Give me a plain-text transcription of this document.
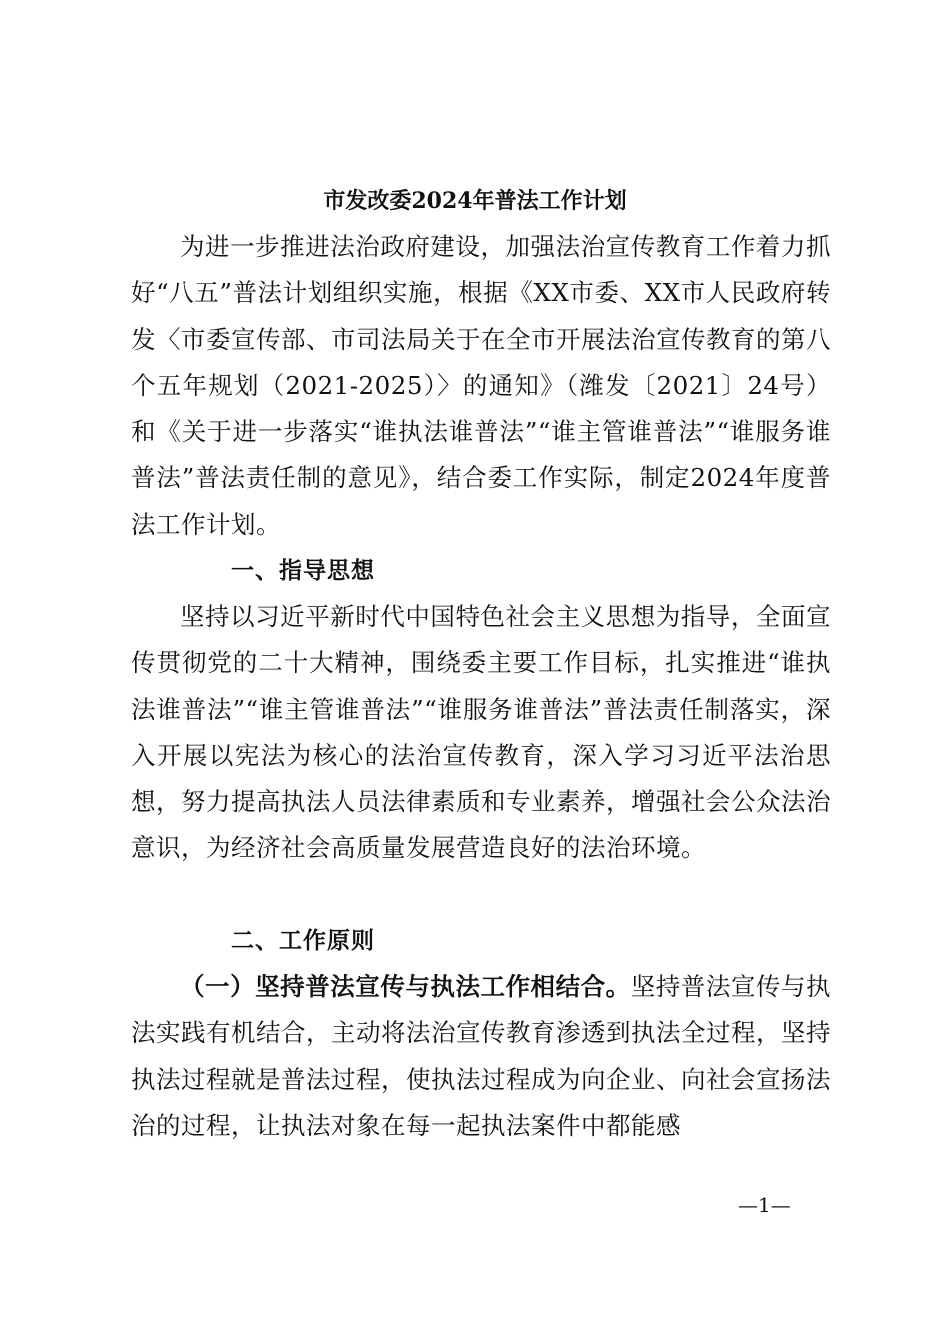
市发改委2024年普法工作计划

为进一步推进法治政府建设，加强法治宣传教育工作着力抓好“八五”普法计划组织实施，根据《XX市委、XX市人民政府转发〈市委宣传部、市司法局关于在全市开展法治宣传教育的第八个五年规划（2021-2025）〉的通知》（潍发〔2021〕24号）和《关于进一步落实“谁执法谁普法”“谁主管谁普法”“谁服务谁普法”普法责任制的意见》，结合委工作实际，制定2024年度普法工作计划。

一、指导思想

坚持以习近平新时代中国特色社会主义思想为指导，全面宣传贯彻党的二十大精神，围绕委主要工作目标，扎实推进“谁执法谁普法”“谁主管谁普法”“谁服务谁普法”普法责任制落实，深入开展以宪法为核心的法治宣传教育，深入学习习近平法治思想，努力提高执法人员法律素质和专业素养，增强社会公众法治意识，为经济社会高质量发展营造良好的法治环境。

二、工作原则

（一）坚持普法宣传与执法工作相结合。坚持普法宣传与执法实践有机结合，主动将法治宣传教育渗透到执法全过程，坚持执法过程就是普法过程，使执法过程成为向企业、向社会宣扬法治的过程，让执法对象在每一起执法案件中都能感

—1—
